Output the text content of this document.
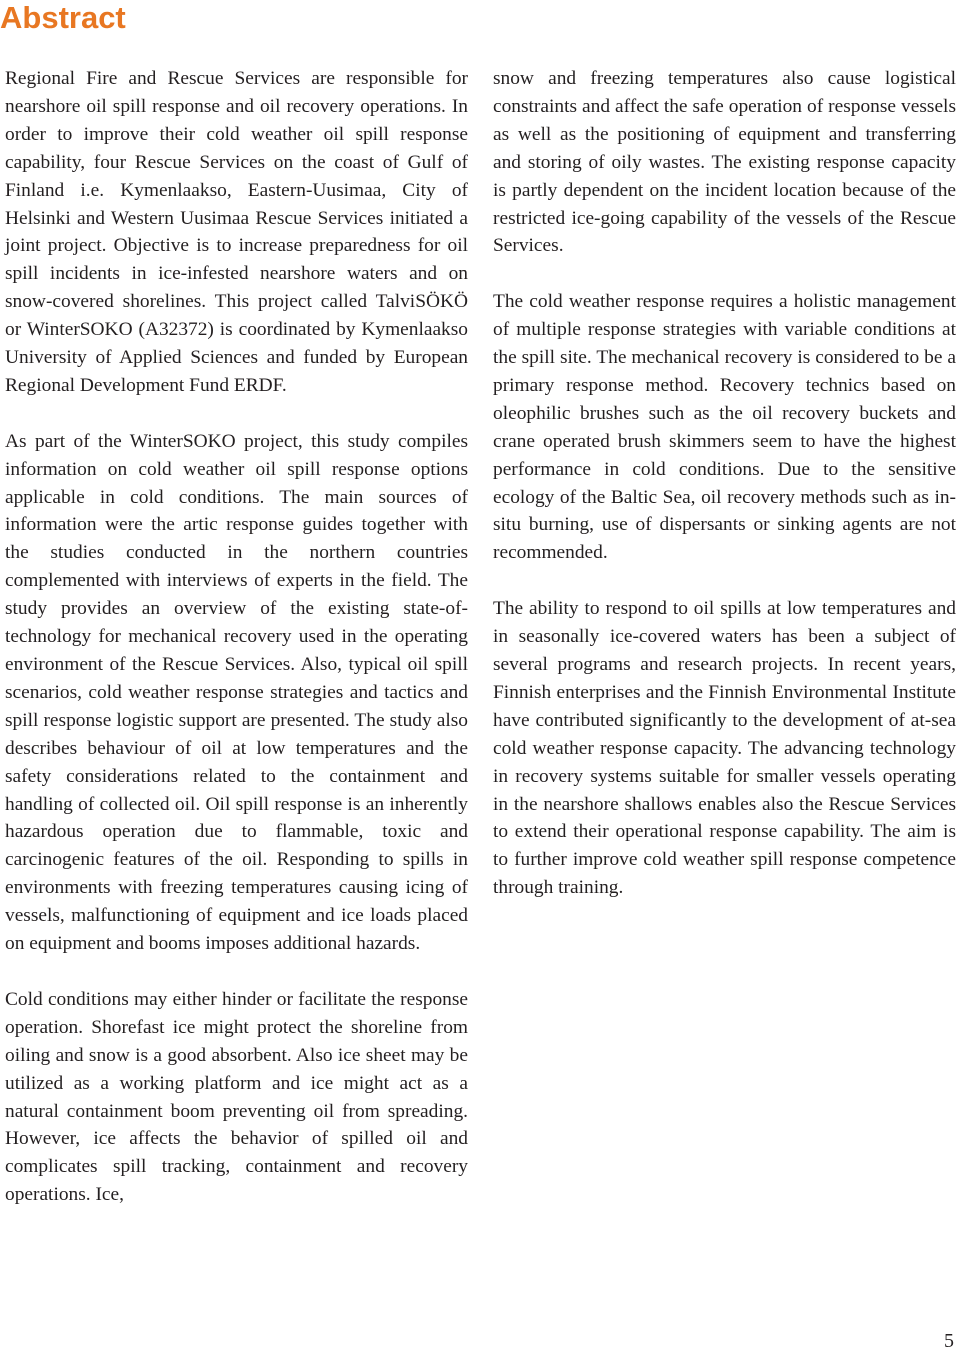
Abstract

Regional Fire and Rescue Services are responsible for nearshore oil spill response and oil recovery operations. In order to improve their cold weather oil spill response capability, four Rescue Services on the coast of Gulf of Finland i.e. Kymenlaakso, Eastern-Uusimaa, City of Helsinki and Western Uusimaa Rescue Services initiated a joint project. Objective is to increase preparedness for oil spill incidents in ice-infested nearshore waters and on snow-covered shorelines. This project called TalviSÖKÖ or WinterSOKO (A32372) is coordinated by Kymenlaakso University of Applied Sciences and funded by European Regional Development Fund ERDF.

As part of the WinterSOKO project, this study compiles information on cold weather oil spill response options applicable in cold conditions. The main sources of information were the artic response guides together with the studies conducted in the northern countries complemented with interviews of experts in the field. The study provides an overview of the existing state-of-technology for mechanical recovery used in the operating environment of the Rescue Services. Also, typical oil spill scenarios, cold weather response strategies and tactics and spill response logistic support are presented. The study also describes behaviour of oil at low temperatures and the safety considerations related to the containment and handling of collected oil. Oil spill response is an inherently hazardous operation due to flammable, toxic and carcinogenic features of the oil. Responding to spills in environments with freezing temperatures causing icing of vessels, malfunctioning of equipment and ice loads placed on equipment and booms imposes additional hazards.

Cold conditions may either hinder or facilitate the response operation. Shorefast ice might protect the shoreline from oiling and snow is a good absorbent. Also ice sheet may be utilized as a working platform and ice might act as a natural containment boom preventing oil from spreading. However, ice affects the behavior of spilled oil and complicates spill tracking, containment and recovery operations. Ice,

snow and freezing temperatures also cause logistical constraints and affect the safe operation of response vessels as well as the positioning of equipment and transferring and storing of oily wastes. The existing response capacity is partly dependent on the incident location because of the restricted ice-going capability of the vessels of the Rescue Services.

The cold weather response requires a holistic management of multiple response strategies with variable conditions at the spill site. The mechanical recovery is considered to be a primary response method. Recovery technics based on oleophilic brushes such as the oil recovery buckets and crane operated brush skimmers seem to have the highest performance in cold conditions. Due to the sensitive ecology of the Baltic Sea, oil recovery methods such as in-situ burning, use of dispersants or sinking agents are not recommended.

The ability to respond to oil spills at low temperatures and in seasonally ice-covered waters has been a subject of several programs and research projects. In recent years, Finnish enterprises and the Finnish Environmental Institute have contributed significantly to the development of at-sea cold weather response capacity. The advancing technology in recovery systems suitable for smaller vessels operating in the nearshore shallows enables also the Rescue Services to extend their operational response capability. The aim is to further improve cold weather spill response competence through training.

5
